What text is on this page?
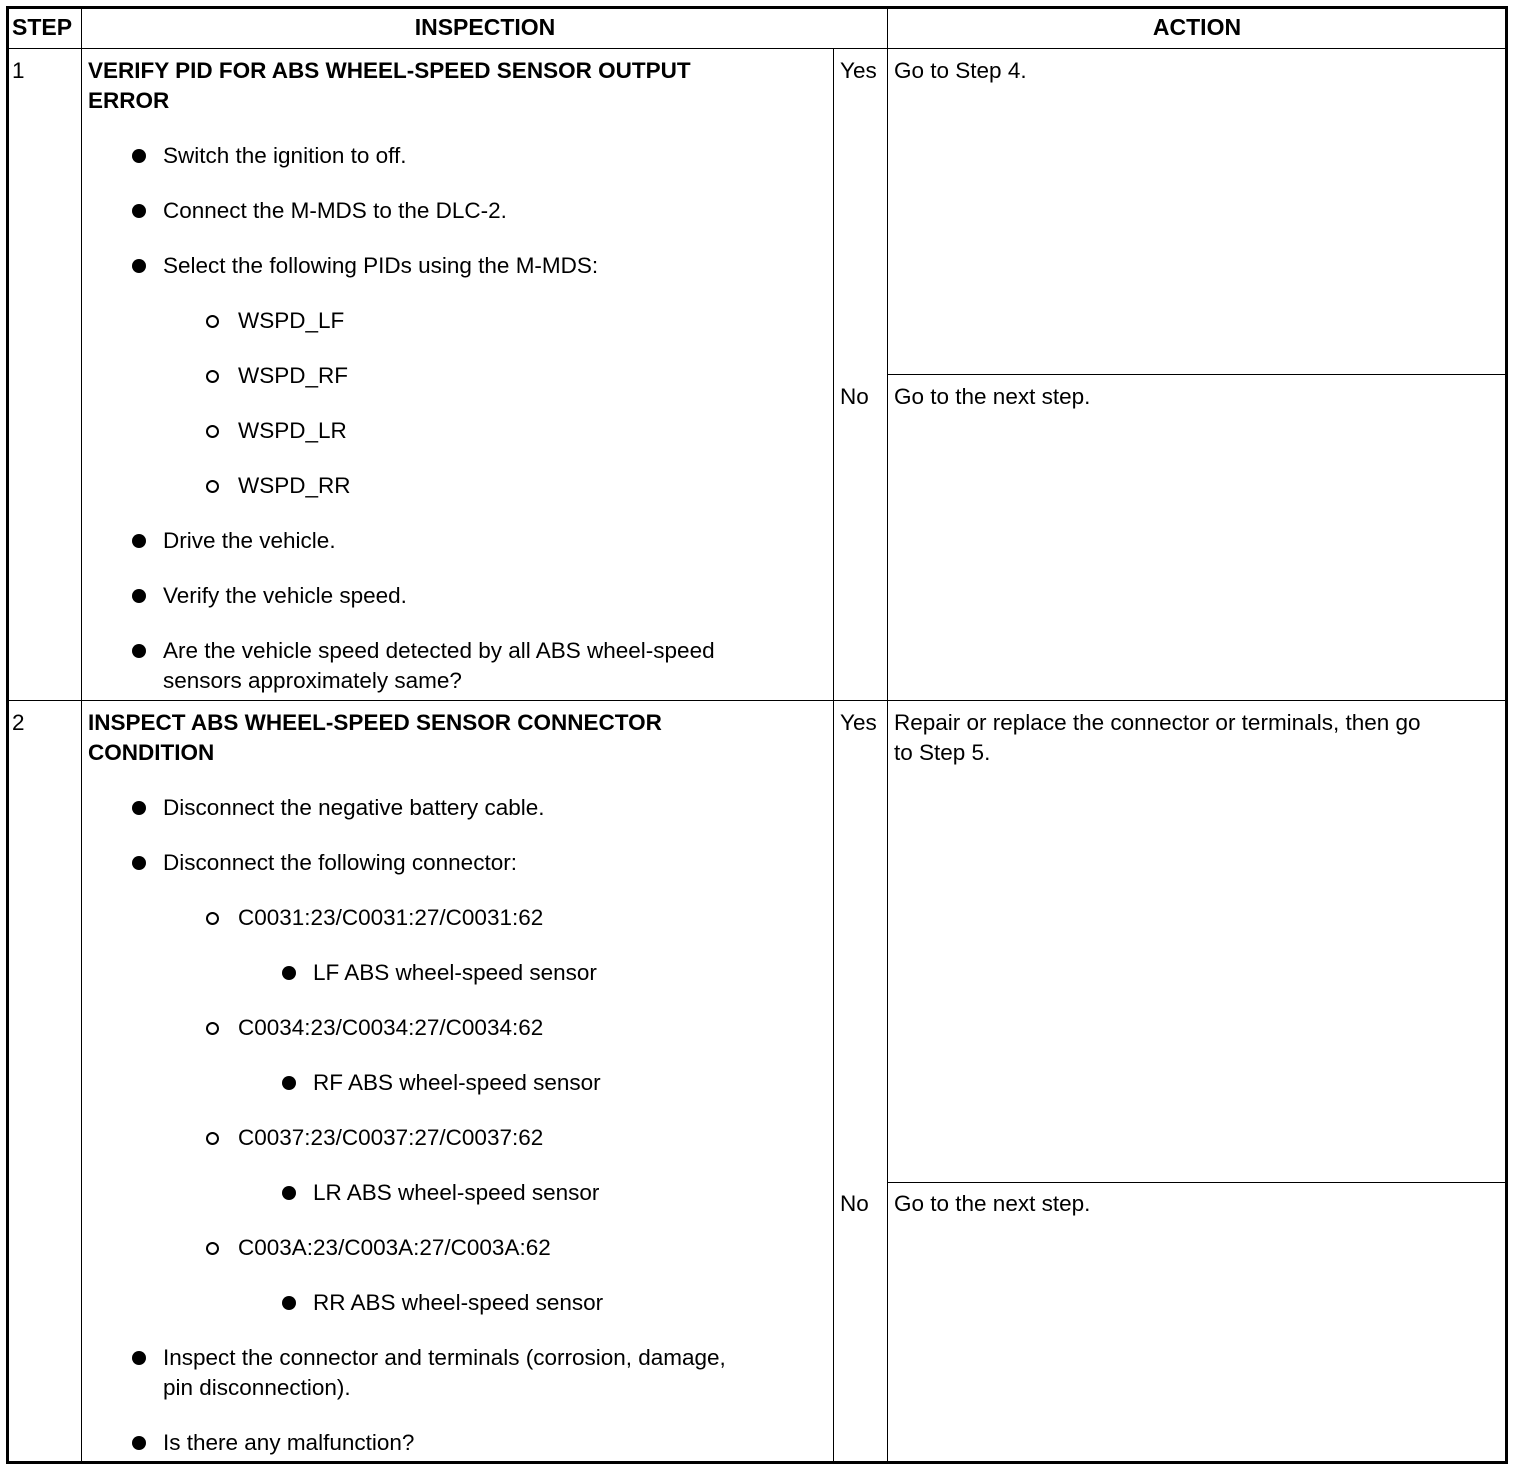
STEP	INSPECTION	ACTION
1	VERIFY PID FOR ABS WHEEL-SPEED SENSOR OUTPUT
ERROR
Switch the ignition to off.
Connect the M-MDS to the DLC-2.
Select the following PIDs using the M-MDS:
WSPD_LF
WSPD_RF
WSPD_LR
WSPD_RR
Drive the vehicle.
Verify the vehicle speed.
Are the vehicle speed detected by all ABS wheel-speed
sensors approximately same?
Yes Go to Step 4.
No Go to the next step.
2	INSPECT ABS WHEEL-SPEED SENSOR CONNECTOR
CONDITION
Disconnect the negative battery cable.
Disconnect the following connector:
C0031:23/C0031:27/C0031:62
LF ABS wheel-speed sensor
C0034:23/C0034:27/C0034:62
RF ABS wheel-speed sensor
C0037:23/C0037:27/C0037:62
LR ABS wheel-speed sensor
C003A:23/C003A:27/C003A:62
RR ABS wheel-speed sensor
Inspect the connector and terminals (corrosion, damage,
pin disconnection).
Is there any malfunction?
Yes Repair or replace the connector or terminals, then go
to Step 5.
No Go to the next step.
